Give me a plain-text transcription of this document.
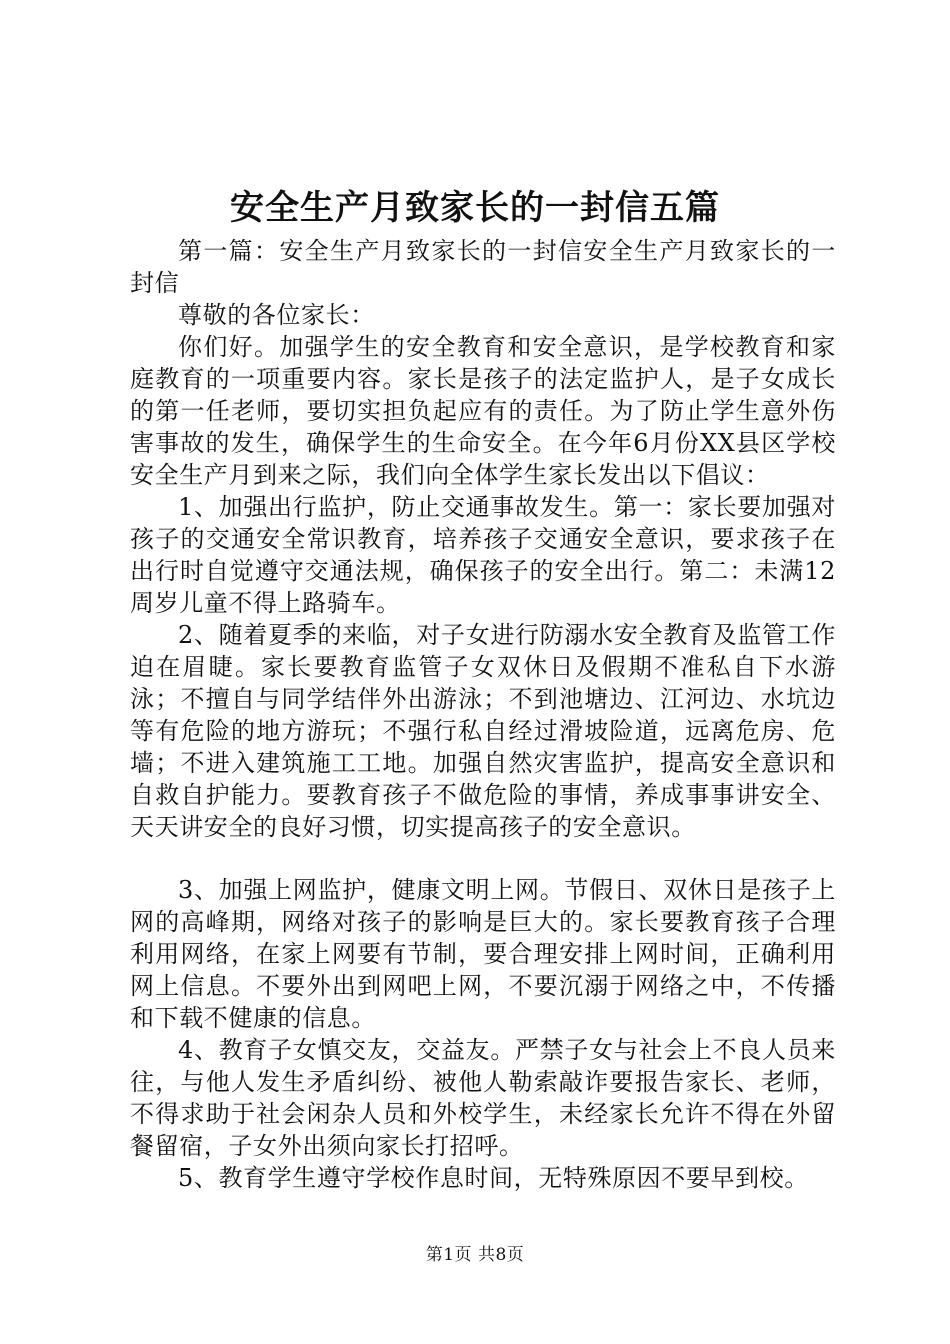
安全生产月致家长的一封信五篇

第一篇：安全生产月致家长的一封信安全生产月致家长的一封信

尊敬的各位家长：

你们好。加强学生的安全教育和安全意识，是学校教育和家庭教育的一项重要内容。家长是孩子的法定监护人，是子女成长的第一任老师，要切实担负起应有的责任。为了防止学生意外伤害事故的发生，确保学生的生命安全。在今年6月份XX县区学校安全生产月到来之际，我们向全体学生家长发出以下倡议：

1、加强出行监护，防止交通事故发生。第一：家长要加强对孩子的交通安全常识教育，培养孩子交通安全意识，要求孩子在出行时自觉遵守交通法规，确保孩子的安全出行。第二：未满12周岁儿童不得上路骑车。

2、随着夏季的来临，对子女进行防溺水安全教育及监管工作迫在眉睫。家长要教育监管子女双休日及假期不准私自下水游泳；不擅自与同学结伴外出游泳；不到池塘边、江河边、水坑边等有危险的地方游玩；不强行私自经过滑坡险道，远离危房、危墙；不进入建筑施工工地。加强自然灾害监护，提高安全意识和自救自护能力。要教育孩子不做危险的事情，养成事事讲安全、天天讲安全的良好习惯，切实提高孩子的安全意识。

3、加强上网监护，健康文明上网。节假日、双休日是孩子上网的高峰期，网络对孩子的影响是巨大的。家长要教育孩子合理利用网络，在家上网要有节制，要合理安排上网时间，正确利用网上信息。不要外出到网吧上网，不要沉溺于网络之中，不传播和下载不健康的信息。

4、教育子女慎交友，交益友。严禁子女与社会上不良人员来往，与他人发生矛盾纠纷、被他人勒索敲诈要报告家长、老师，不得求助于社会闲杂人员和外校学生，未经家长允许不得在外留餐留宿，子女外出须向家长打招呼。

5、教育学生遵守学校作息时间，无特殊原因不要早到校。

第1页 共8页
